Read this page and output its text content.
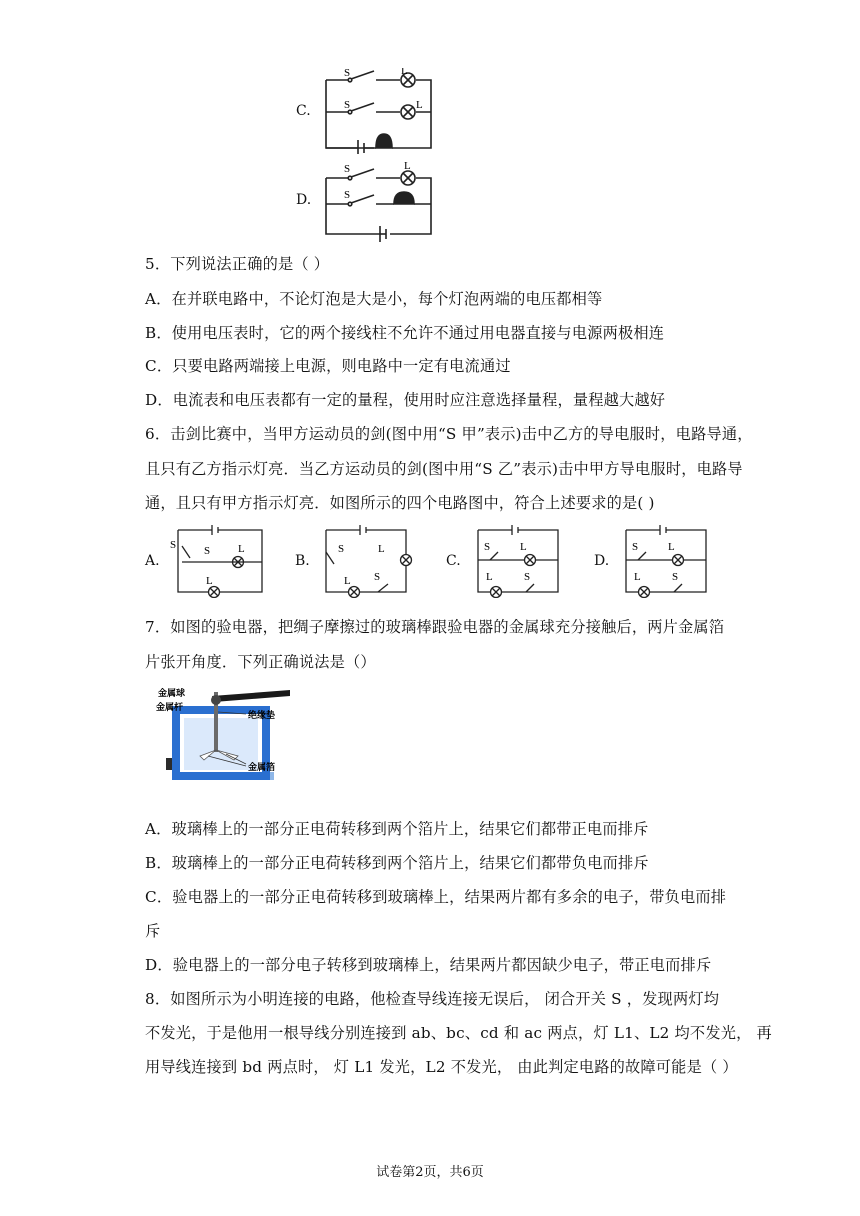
C.
S	L
S	L
D.
S	L
S
5．下列说法正确的是（ ）
A．在并联电路中，不论灯泡是大是小，每个灯泡两端的电压都相等
B．使用电压表时，它的两个接线柱不允许不通过用电器直接与电源两极相连
C．只要电路两端接上电源，则电路中一定有电流通过
D．电流表和电压表都有一定的量程，使用时应注意选择量程，量程越大越好
6．击剑比赛中，当甲方运动员的剑(图中用“S 甲”表示)击中乙方的导电服时，电路导通，
且只有乙方指示灯亮．当乙方运动员的剑(图中用“S 乙”表示)击中甲方导电服时，电路导
通，且只有甲方指示灯亮．如图所示的四个电路图中，符合上述要求的是( )
A.
S	S	L
L
B.
S	L
L S
C.
S	L
L	S
D.
S	L
L	S
7．如图的验电器，把绸子摩擦过的玻璃棒跟验电器的金属球充分接触后，两片金属箔
片张开角度．下列正确说法是（）
金属球
金属杆
绝缘垫
金属箔
A．玻璃棒上的一部分正电荷转移到两个箔片上，结果它们都带正电而排斥
B．玻璃棒上的一部分正电荷转移到两个箔片上，结果它们都带负电而排斥
C．验电器上的一部分正电荷转移到玻璃棒上，结果两片都有多余的电子，带负电而排
斥
D．验电器上的一部分电子转移到玻璃棒上，结果两片都因缺少电子，带正电而排斥
8．如图所示为小明连接的电路，他检查导线连接无误后， 闭合开关 S ，发现两灯均
不发光，于是他用一根导线分别连接到 ab、bc、cd 和 ac 两点，灯 L1、L2 均不发光， 再
用导线连接到 bd 两点时， 灯 L1 发光，L2 不发光， 由此判定电路的故障可能是（ ）
试卷第2页，共6页
